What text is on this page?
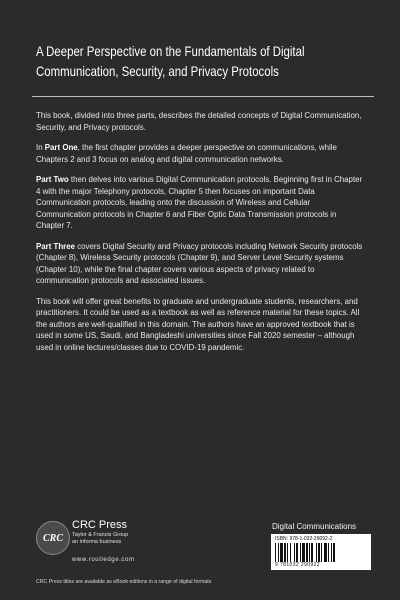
A Deeper Perspective on the Fundamentals of Digital Communication, Security, and Privacy Protocols

This book, divided into three parts, describes the detailed concepts of Digital Communication, Security, and Privacy protocols.

In Part One, the first chapter provides a deeper perspective on communications, while Chapters 2 and 3 focus on analog and digital communication networks.

Part Two then delves into various Digital Communication protocols. Beginning first in Chapter 4 with the major Telephony protocols, Chapter 5 then focuses on important Data Communication protocols, leading onto the discussion of Wireless and Cellular Communication protocols in Chapter 6 and Fiber Optic Data Transmission protocols in Chapter 7.

Part Three covers Digital Security and Privacy protocols including Network Security protocols (Chapter 8), Wireless Security protocols (Chapter 9), and Server Level Security systems (Chapter 10), while the final chapter covers various aspects of privacy related to communication protocols and associated issues.

This book will offer great benefits to graduate and undergraduate students, researchers, and practitioners. It could be used as a textbook as well as reference material for these topics. All the authors are well-qualified in this domain. The authors have an approved textbook that is used in some US, Saudi, and Bangladeshi universities since Fall 2020 semester – although used in online lectures/classes due to COVID-19 pandemic.

CRC
CRC Press
Taylor & Francis Group
an informa business
www.routledge.com
CRC Press titles are available as eBook editions in a range of digital formats
Digital Communications
ISBN: 978-1-032-29092-2
9 781032 290922
